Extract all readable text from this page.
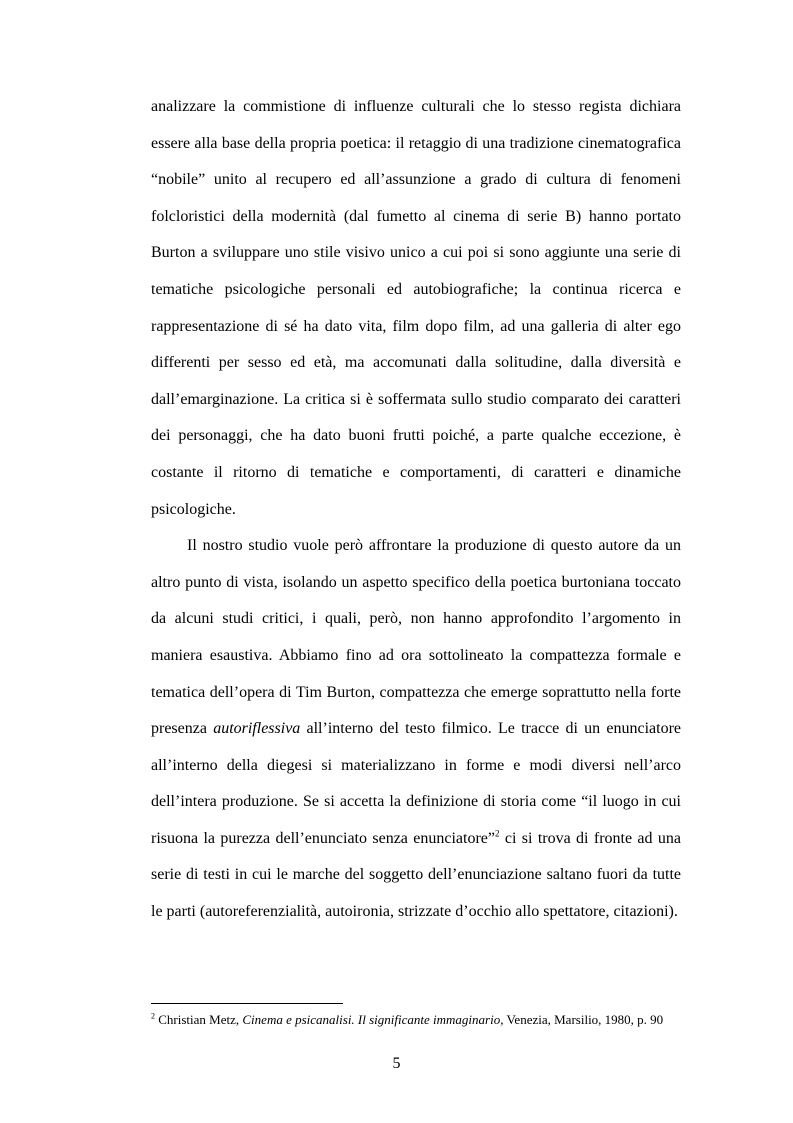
analizzare la commistione di influenze culturali che lo stesso regista dichiara essere alla base della propria poetica: il retaggio di una tradizione cinematografica “nobile” unito al recupero ed all’assunzione a grado di cultura di fenomeni folcloristici della modernità (dal fumetto al cinema di serie B) hanno portato Burton a sviluppare uno stile visivo unico a cui poi si sono aggiunte una serie di tematiche psicologiche personali ed autobiografiche; la continua ricerca e rappresentazione di sé ha dato vita, film dopo film, ad una galleria di alter ego differenti per sesso ed età, ma accomunati dalla solitudine, dalla diversità e dall’emarginazione. La critica si è soffermata sullo studio comparato dei caratteri dei personaggi, che ha dato buoni frutti poiché, a parte qualche eccezione, è costante il ritorno di tematiche e comportamenti, di caratteri e dinamiche psicologiche.

Il nostro studio vuole però affrontare la produzione di questo autore da un altro punto di vista, isolando un aspetto specifico della poetica burtoniana toccato da alcuni studi critici, i quali, però, non hanno approfondito l’argomento in maniera esaustiva. Abbiamo fino ad ora sottolineato la compattezza formale e tematica dell’opera di Tim Burton, compattezza che emerge soprattutto nella forte presenza autoriflessiva all’interno del testo filmico. Le tracce di un enunciatore all’interno della diegesi si materializzano in forme e modi diversi nell’arco dell’intera produzione. Se si accetta la definizione di storia come “il luogo in cui risuona la purezza dell’enunciato senza enunciatore”$^2$ ci si trova di fronte ad una serie di testi in cui le marche del soggetto dell’enunciazione saltano fuori da tutte le parti (autoreferenzialità, autoironia, strizzate d’occhio allo spettatore, citazioni).

$^2$ Christian Metz, Cinema e psicanalisi. Il significante immaginario, Venezia, Marsilio, 1980, p. 90
5
